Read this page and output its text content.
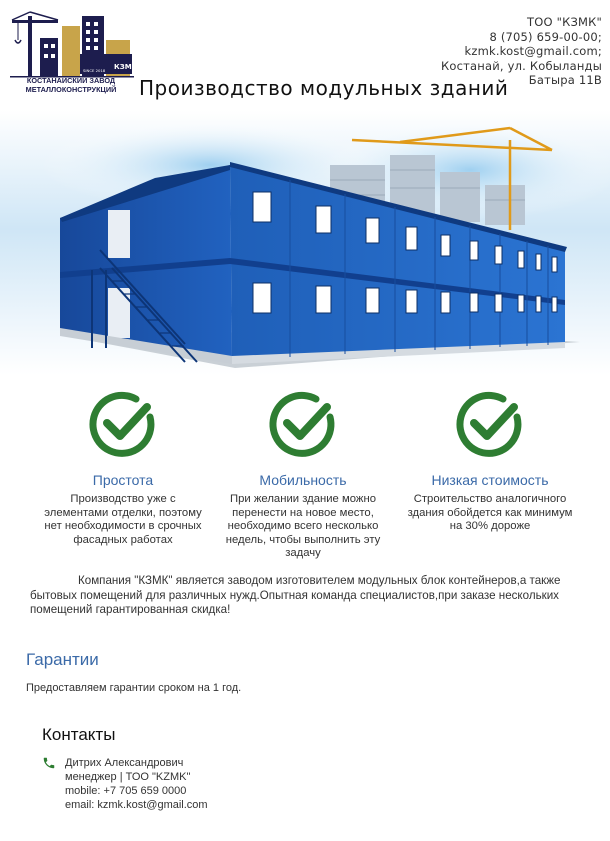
КЗМК
SINCE 2018
КОСТАНАЙСКИЙ ЗАВОД
МЕТАЛЛОКОНСТРУКЦИЙ
ТОО "КЗМК"
8 (705) 659-00-00;
kzmk.kost@gmail.com;
Костанай, ул. Кобыланды
Батыра 11В
Производство модульных зданий
Простота
Производство уже с
элементами отделки, поэтому
нет необходимости в срочных
фасадных работах
Мобильность
При желании здание можно
перенести на новое место,
необходимо всего несколько
недель, чтобы выполнить эту
задачу
Низкая стоимость
Строительство аналогичного
здания обойдется как минимум
на 30% дороже
Компания "КЗМК" является заводом изготовителем модульных блок контейнеров,а также
бытовых помещений для различных нужд.Опытная команда специалистов,при заказе нескольких
помещений гарантированная скидка!
Гарантии
Предоставляем гарантии сроком на 1 год.
Контакты
Дитрих Александрович
менеджер | ТОО "KZMK"
mobile: +7 705 659 0000
email: kzmk.kost@gmail.com
